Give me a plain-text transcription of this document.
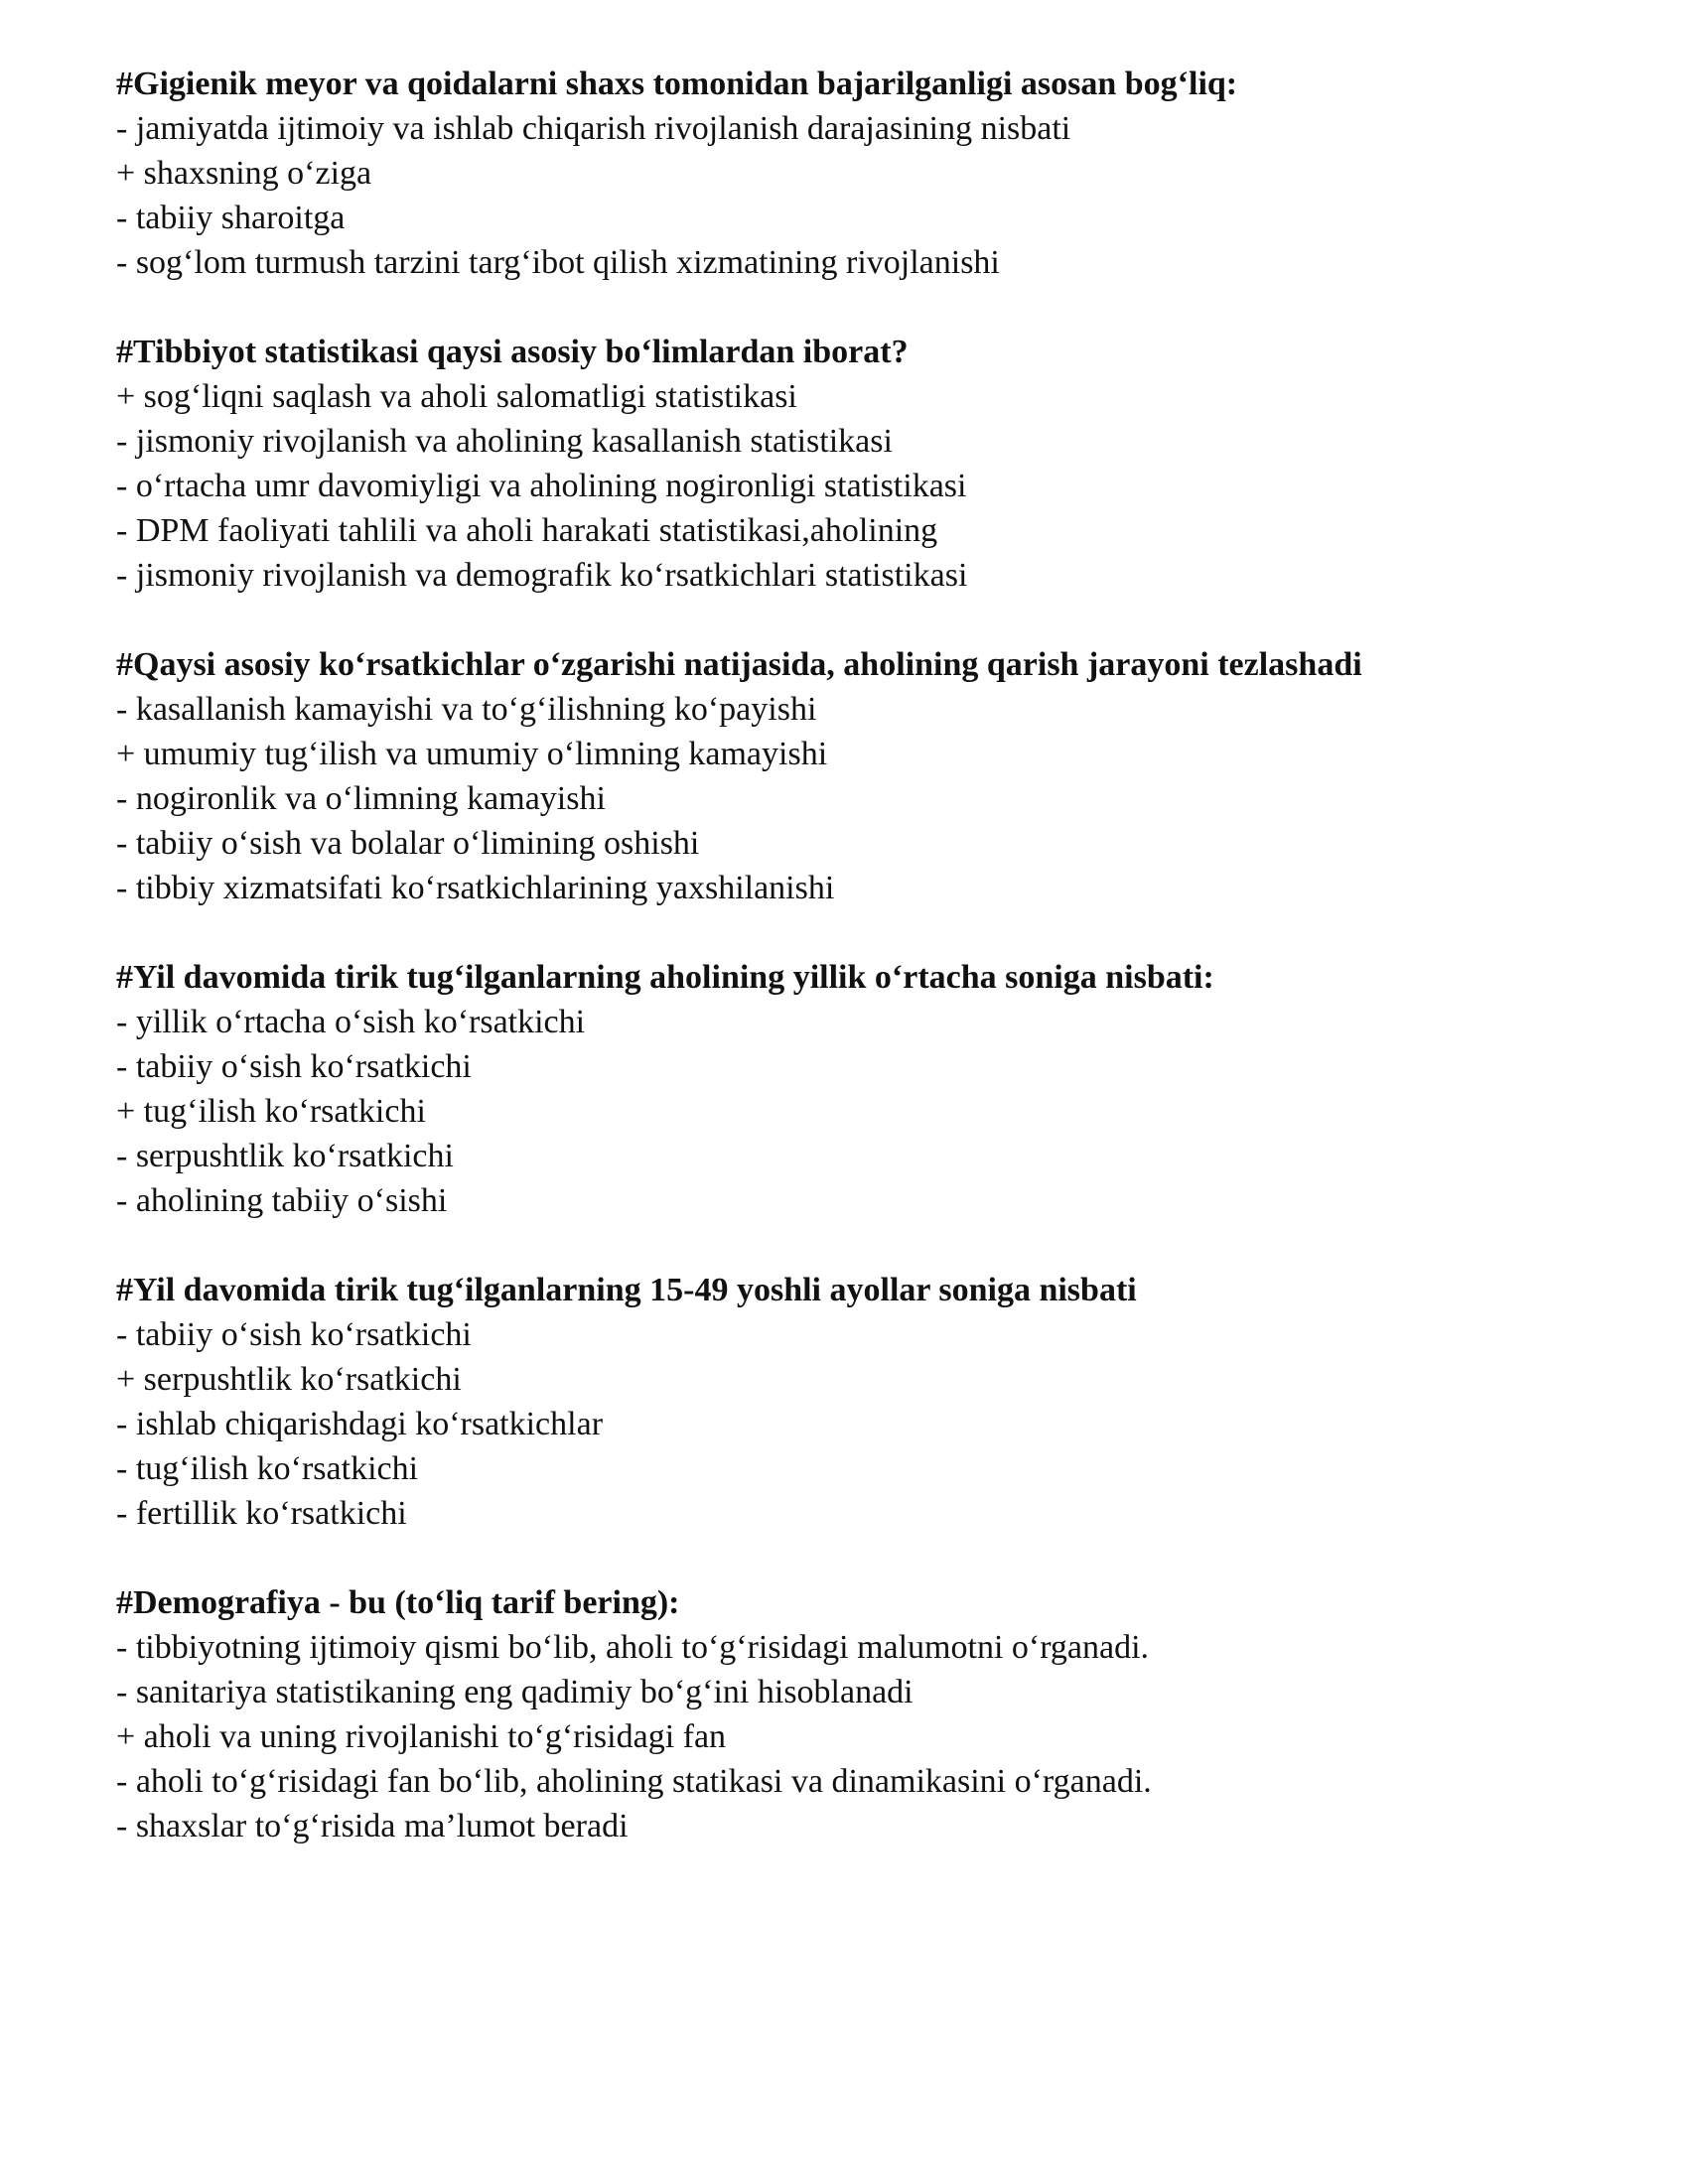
#Gigienik meyor va qoidalarni shaxs tomonidan bajarilganligi asosan bog‘liq:

- jamiyatda ijtimoiy va ishlab chiqarish rivojlanish darajasining nisbati

+ shaxsning o‘ziga

- tabiiy sharoitga

- sog‘lom turmush tarzini targ‘ibot qilish xizmatining rivojlanishi

#Tibbiyot statistikasi qaysi asosiy bo‘limlardan iborat?

+ sog‘liqni saqlash va aholi salomatligi statistikasi

- jismoniy rivojlanish va aholining kasallanish statistikasi

- o‘rtacha umr davomiyligi va aholining nogironligi statistikasi

- DPM faoliyati tahlili va aholi harakati statistikasi,aholining

- jismoniy rivojlanish va demografik ko‘rsatkichlari statistikasi

#Qaysi asosiy ko‘rsatkichlar o‘zgarishi natijasida, aholining qarish jarayoni tezlashadi

- kasallanish kamayishi va to‘g‘ilishning ko‘payishi

+ umumiy tug‘ilish va umumiy o‘limning kamayishi

- nogironlik va o‘limning kamayishi

- tabiiy o‘sish va bolalar o‘limining oshishi

- tibbiy xizmatsifati ko‘rsatkichlarining yaxshilanishi

#Yil davomida tirik tug‘ilganlarning aholining yillik o‘rtacha soniga nisbati:

- yillik o‘rtacha o‘sish ko‘rsatkichi

- tabiiy o‘sish ko‘rsatkichi

+ tug‘ilish ko‘rsatkichi

- serpushtlik ko‘rsatkichi

- aholining tabiiy o‘sishi

#Yil davomida tirik tug‘ilganlarning 15-49 yoshli ayollar soniga nisbati

- tabiiy o‘sish ko‘rsatkichi

+ serpushtlik ko‘rsatkichi

- ishlab chiqarishdagi ko‘rsatkichlar

- tug‘ilish ko‘rsatkichi

- fertillik ko‘rsatkichi

#Demografiya - bu (to‘liq tarif bering):

- tibbiyotning ijtimoiy qismi bo‘lib, aholi to‘g‘risidagi malumotni o‘rganadi.

- sanitariya statistikaning eng qadimiy bo‘g‘ini hisoblanadi

+ aholi va uning rivojlanishi to‘g‘risidagi fan

- aholi to‘g‘risidagi fan bo‘lib, aholining statikasi va dinamikasini o‘rganadi.

- shaxslar to‘g‘risida ma’lumot beradi
